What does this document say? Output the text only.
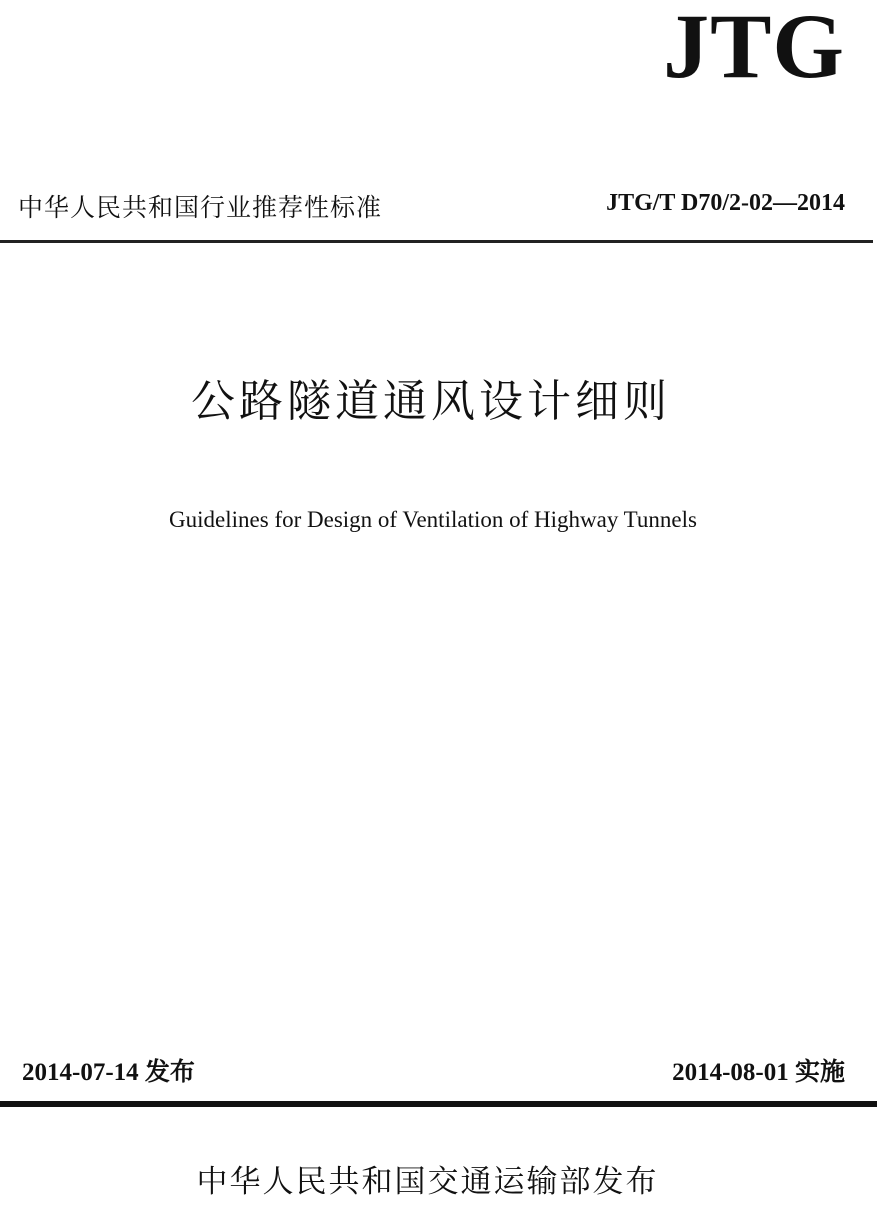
JTG
中华人民共和国行业推荐性标准	JTG/T D70/2-02—2014
公路隧道通风设计细则
Guidelines for Design of Ventilation of Highway Tunnels
2014-07-14 发布	2014-08-01 实施
中华人民共和国交通运输部发布
